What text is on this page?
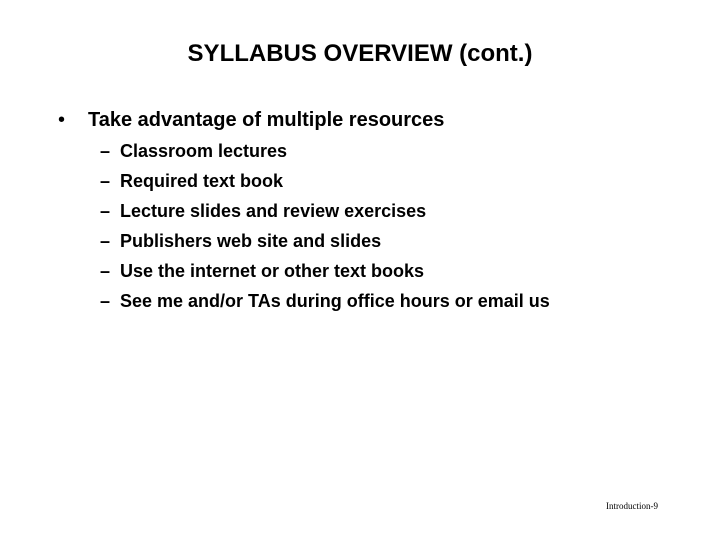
SYLLABUS OVERVIEW (cont.)
• Take advantage of multiple resources
– Classroom lectures
– Required text book
– Lecture slides and review exercises
– Publishers web site and slides
– Use the internet or other text books
– See me and/or TAs during office hours or email us
Introduction-9
